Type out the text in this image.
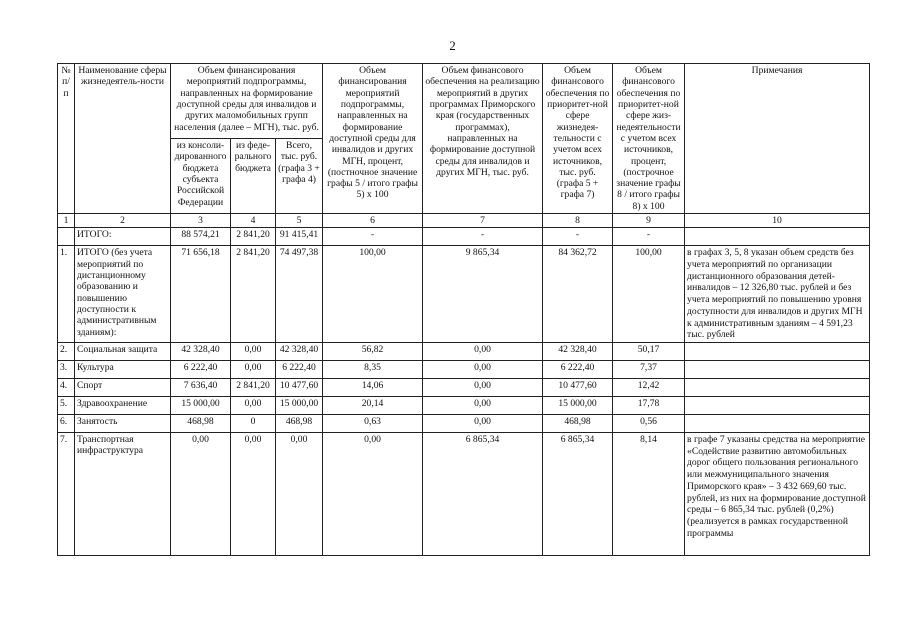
2
№ п/п	Наименование сферы жизнедеятель-ности	Объем финансирования мероприятий подпрограммы, направленных на формирование доступной среды для инвалидов и других маломобильных групп населения (далее – МГН), тыс. руб.			Объем финансирования мероприятий подпрограммы, направленных на формирование доступной среды для инвалидов и других МГН, процент, (постночное значение графы 5 / итого графы 5) х 100	Объем финансового обеспечения на реализацию мероприятий в других программах Приморского края (государственных программах), направленных на формирование доступной среды для инвалидов и других МГН, тыс. руб.	Объем финансового обеспечения по приоритет-ной сфере жизнедея-тельности с учетом всех источников, тыс. руб. (графа 5 + графа 7)	Объем финансового обеспечения по приоритет-ной сфере жиз-недеятельности с учетом всех источников, процент, (построчное значение графы 8 / итого графы 8) х 100	Примечания
		из консоли-дированного бюджета субъекта Российской Федерации	из феде-рального бюджета	Всего, тыс. руб. (графа 3 + графа 4)					
1	2	3	4	5	6	7	8	9	10
	ИТОГО:	88 574,21	2 841,20	91 415,41	-	-	-	-	
1.	ИТОГО (без учета мероприятий по дистанционному образованию и повышению доступности к административным зданиям):	71 656,18	2 841,20	74 497,38	100,00	9 865,34	84 362,72	100,00	в графах 3, 5, 8 указан объем средств без учета мероприятий по организации дистанционного образования детей-инвалидов – 12 326,80 тыс. рублей и без учета мероприятий по повышению уровня доступности для инвалидов и других МГН к административным зданиям – 4 591,23 тыс. рублей
2.	Социальная защита	42 328,40	0,00	42 328,40	56,82	0,00	42 328,40	50,17	
3.	Культура	6 222,40	0,00	6 222,40	8,35	0,00	6 222,40	7,37	
4.	Спорт	7 636,40	2 841,20	10 477,60	14,06	0,00	10 477,60	12,42	
5.	Здравоохранение	15 000,00	0,00	15 000,00	20,14	0,00	15 000,00	17,78	
6.	Занятость	468,98	0	468,98	0,63	0,00	468,98	0,56	
7.	Транспортная инфраструктура	0,00	0,00	0,00	0,00	6 865,34	6 865,34	8,14	в графе 7 указаны средства на мероприятие «Содействие развитию автомобильных дорог общего пользования регионального или межмуниципального значения Приморского края» – 3 432 669,60 тыс. рублей, из них на формирование доступной среды – 6 865,34 тыс. рублей (0,2%) (реализуется в рамках государственной программы
